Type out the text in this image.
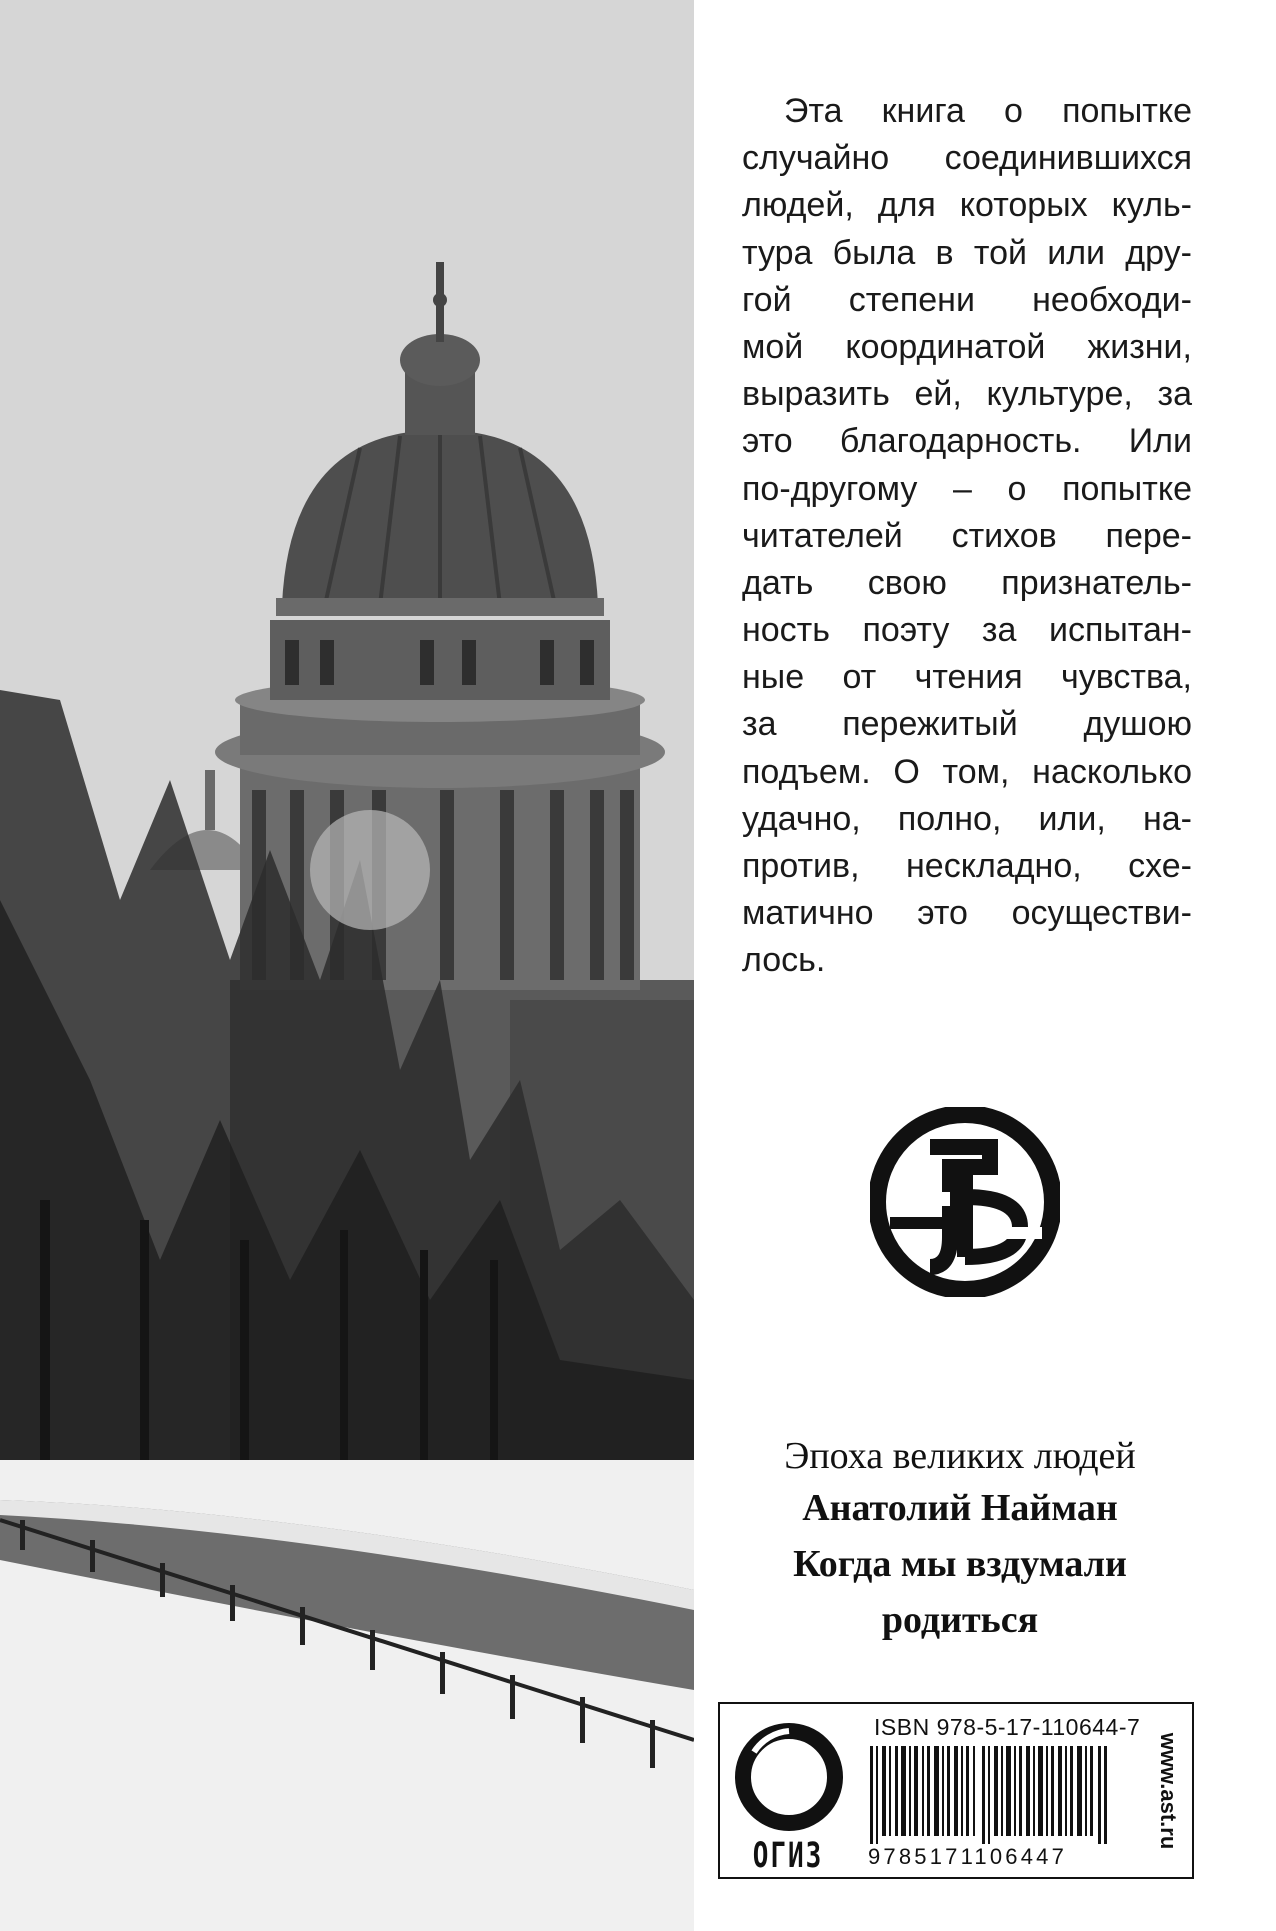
Эта книга о попытке
случайно соединившихся
людей, для которых куль-
тура была в той или дру-
гой степени необходи-
мой координатой жизни,
выразить ей, культуре, за
это благодарность. Или
по-другому – о попытке
читателей стихов пере-
дать свою признатель-
ность поэту за испытан-
ные от чтения чувства,
за пережитый душою
подъем. О том, насколько
удачно, полно, или, на-
против, нескладно, схе-
матично это осуществи-
лось.
Эпоха великих людей
Анатолий Найман
Когда мы вздумали
родиться
ОГИЗ
ISBN 978-5-17-110644-7
9785171106447
www.ast.ru
